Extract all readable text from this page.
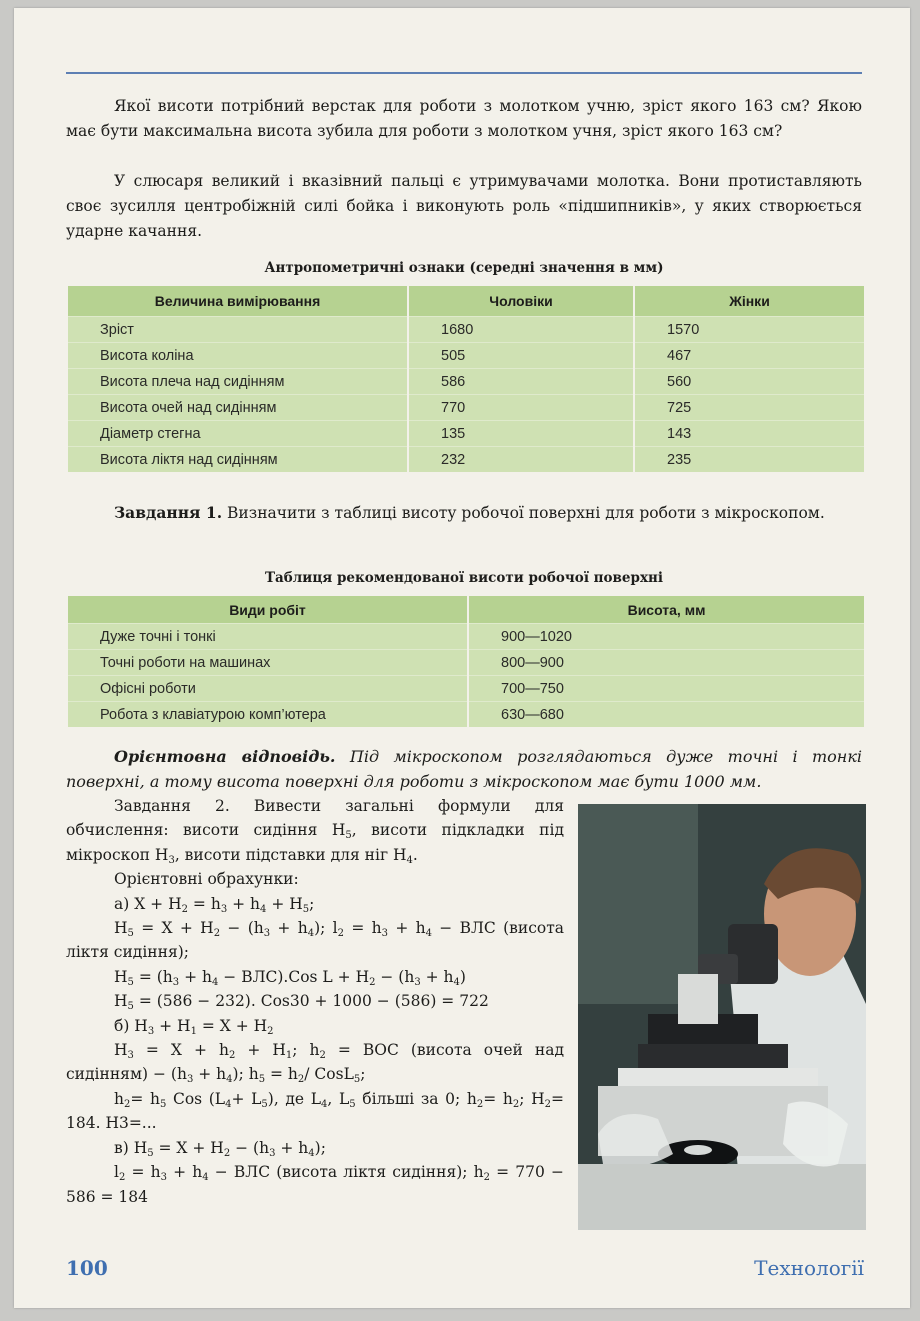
Якої висоти потрібний верстак для роботи з молотком учню, зріст якого 163 см? Якою має бути максимальна висота зубила для роботи з молотком учня, зріст якого 163 см?

У слюсаря великий і вказівний пальці є утримувачами молотка. Вони протиставляють своє зусилля центробіжній силі бойка і виконують роль «підшипників», у яких створюється ударне качання.

Антропометричні ознаки (середні значення в мм)
Величина вимірювання	Чоловіки	Жінки
Зріст	1680	1570
Висота коліна	505	467
Висота плеча над сидінням	586	560
Висота очей над сидінням	770	725
Діаметр стегна	135	143
Висота ліктя над сидінням	232	235

Завдання 1. Визначити з таблиці висоту робочої поверхні для роботи з мікроскопом.

Таблиця рекомендованої висоти робочої поверхні
Види робіт	Висота, мм
Дуже точні і тонкі	900—1020
Точні роботи на машинах	800—900
Офісні роботи	700—750
Робота з клавіатурою комп’ютера	630—680

Орієнтовна відповідь. Під мікроскопом розглядаються дуже точні і тонкі поверхні, а тому висота поверхні для роботи з мікроскопом має бути 1000 мм.

Завдання 2. Вивести загальні формули для обчислення: висоти сидіння $Н_5$, висоти підкладки під мікроскоп $Н_3$, висоти підставки для ніг $Н_4$.
Орієнтовні обрахунки:
а) $Х + Н_2 = h_3 + h_4 + Н_5$;
$Н_5 = Х + Н_2 - (h_3 + h_4)$; $l_2 = h_3 + h_4$ − ВЛС (висота ліктя сидіння);
$Н_5 = (h_3 + h_4 - ВЛС).Cos$ $L + Н_2 - (h_3 + h_4)$
$Н_5 = (586 - 232)$. Cos30 + 1000 − (586) = 722
б) $Н_3 + Н_1 = Х + Н_2$
$Н_3 = Х + h_2 + Н_1$; $h_2$ = ВОС (висота очей над сидінням) − $(h_3 + h_4)$; $h_5 = h_2/$ CosL$_5$;
$h_2= h_5$ Cos $(L_4+ L_5)$, де $L_4$, $L_5$ більші за 0; $h_2= h_2$; $Н_2= 184$. Н3=...
в) $Н_5 = Х + Н_2 - (h_3 + h_4)$;
$l_2 = h_3 + h_4$ − ВЛС (висота ліктя сидіння); $h_2 = 770 - 586 = 184$
100	Технології
